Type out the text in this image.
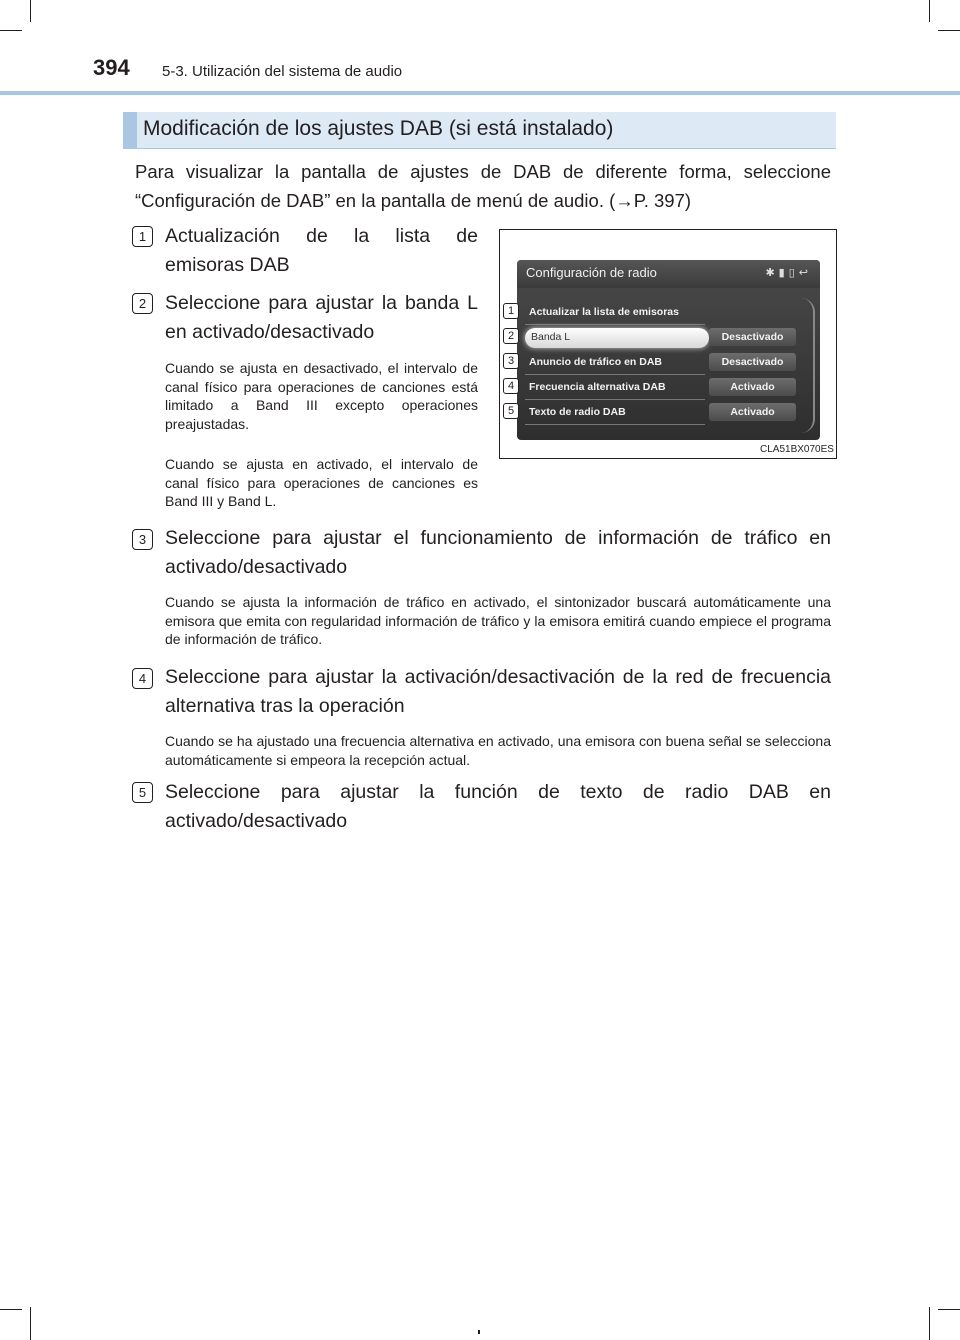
394 5-3. Utilización del sistema de audio
Modificación de los ajustes DAB (si está instalado)
Para visualizar la pantalla de ajustes de DAB de diferente forma, seleccione “Configuración de DAB” en la pantalla de menú de audio. (→P. 397)
1 Actualización de la lista de emisoras DAB
2 Seleccione para ajustar la banda L en activado/desactivado
Cuando se ajusta en desactivado, el intervalo de canal físico para operaciones de canciones está limitado a Band III excepto operaciones preajustadas.
Cuando se ajusta en activado, el intervalo de canal físico para operaciones de canciones es Band III y Band L.
Configuración de radio	✱▮▯↩
Actualizar la lista de emisoras
Banda L	Desactivado
Anuncio de tráfico en DAB	Desactivado
Frecuencia alternativa DAB	Activado
Texto de radio DAB	Activado
1
2
3
4
5
CLA51BX070ES
3 Seleccione para ajustar el funcionamiento de información de tráfico en activado/desactivado
Cuando se ajusta la información de tráfico en activado, el sintonizador buscará automáticamente una emisora que emita con regularidad información de tráfico y la emisora emitirá cuando empiece el programa de información de tráfico.
4 Seleccione para ajustar la activación/desactivación de la red de frecuencia alternativa tras la operación
Cuando se ha ajustado una frecuencia alternativa en activado, una emisora con buena señal se selecciona automáticamente si empeora la recepción actual.
5 Seleccione para ajustar la función de texto de radio DAB en activado/desactivado
